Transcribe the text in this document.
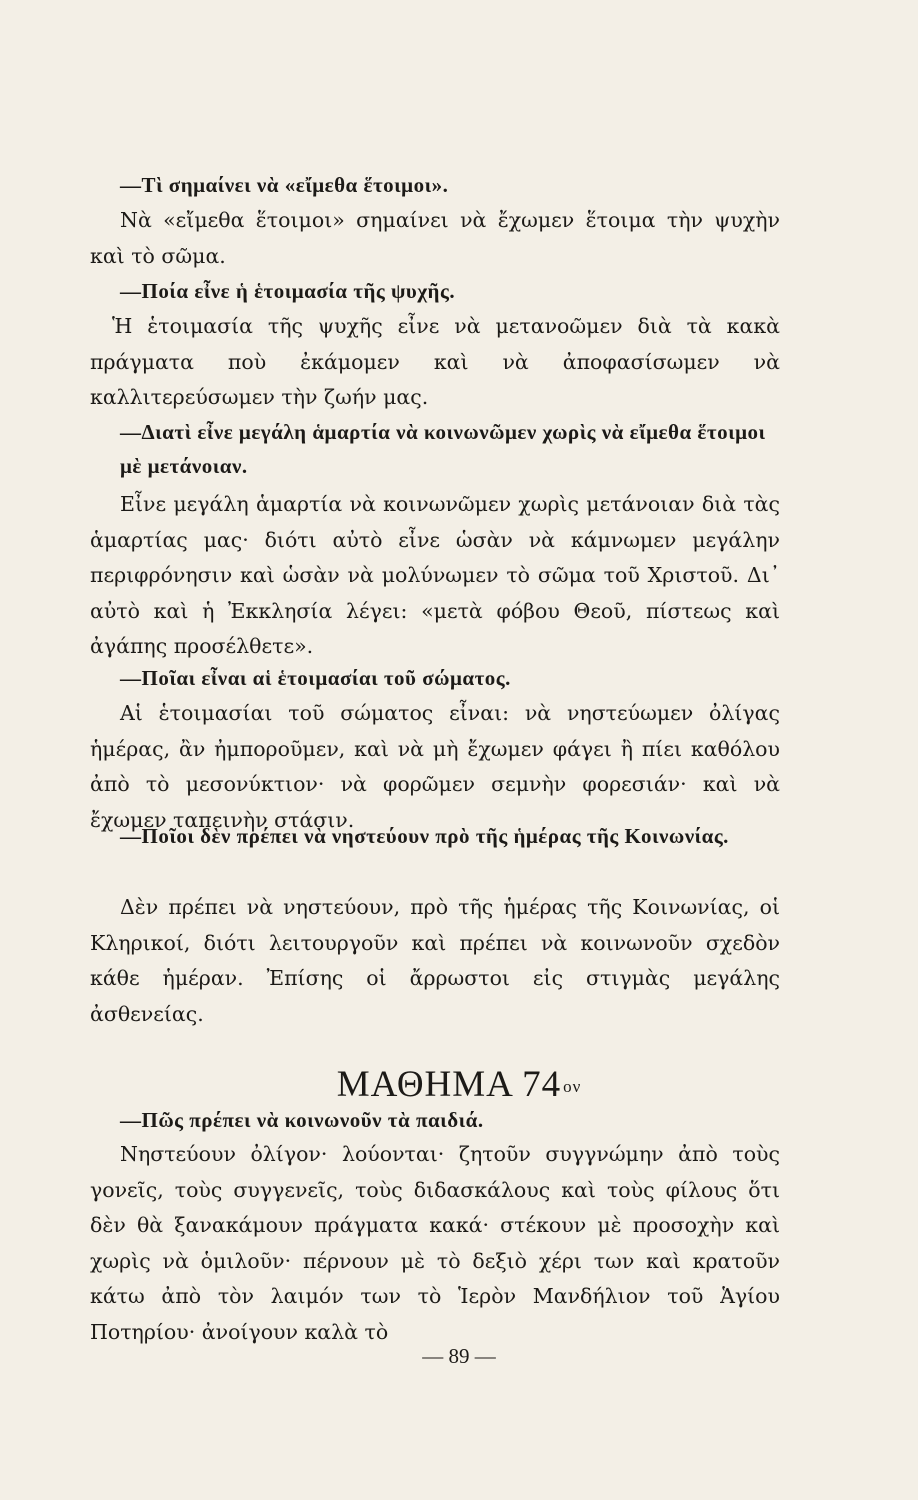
—Τὶ σημαίνει νὰ «εἴμεθα ἕτοιμοι».

Νὰ «εἴμεθα ἕτοιμοι» σημαίνει νὰ ἔχωμεν ἕτοιμα τὴν ψυχὴν καὶ τὸ σῶμα.

—Ποία εἶνε ἡ ἑτοιμασία τῆς ψυχῆς.

Ἡ ἑτοιμασία τῆς ψυχῆς εἶνε νὰ μετανοῶμεν διὰ τὰ κακὰ πράγματα ποὺ ἐκάμομεν καὶ νὰ ἀποφασίσωμεν νὰ καλλιτερεύσωμεν τὴν ζωήν μας.

—Διατὶ εἶνε μεγάλη ἁμαρτία νὰ κοινωνῶμεν χωρὶς νὰ εἴμεθα ἕτοιμοι μὲ μετάνοιαν.

Εἶνε μεγάλη ἁμαρτία νὰ κοινωνῶμεν χωρὶς μετάνοιαν διὰ τὰς ἁμαρτίας μας· διότι αὐτὸ εἶνε ὡσὰν νὰ κάμνωμεν μεγάλην περιφρόνησιν καὶ ὡσὰν νὰ μολύνωμεν τὸ σῶμα τοῦ Χριστοῦ. Δι᾽ αὐτὸ καὶ ἡ Ἐκκλησία λέγει: «μετὰ φόβου Θεοῦ, πίστεως καὶ ἀγάπης προσέλθετε».

—Ποῖαι εἶναι αἱ ἑτοιμασίαι τοῦ σώματος.

Αἱ ἑτοιμασίαι τοῦ σώματος εἶναι: νὰ νηστεύωμεν ὀλίγας ἡμέρας, ἂν ἠμποροῦμεν, καὶ νὰ μὴ ἔχωμεν φάγει ἢ πίει καθόλου ἀπὸ τὸ μεσονύκτιον· νὰ φορῶμεν σεμνὴν φορεσιάν· καὶ νὰ ἔχωμεν ταπεινὴν στάσιν.

—Ποῖοι δὲν πρέπει νὰ νηστεύουν πρὸ τῆς ἡμέρας τῆς Κοινωνίας.

Δὲν πρέπει νὰ νηστεύουν, πρὸ τῆς ἡμέρας τῆς Κοινωνίας, οἱ Κληρικοί, διότι λειτουργοῦν καὶ πρέπει νὰ κοινωνοῦν σχεδὸν κάθε ἡμέραν. Ἐπίσης οἱ ἄρρωστοι εἰς στιγμὰς μεγάλης ἀσθενείας.

ΜΑΘΗΜΑ 74 $^{o\nu}$

—Πῶς πρέπει νὰ κοινωνοῦν τὰ παιδιά.

Νηστεύουν ὀλίγον· λούονται· ζητοῦν συγγνώμην ἀπὸ τοὺς γονεῖς, τοὺς συγγενεῖς, τοὺς διδασκάλους καὶ τοὺς φίλους ὅτι δὲν θὰ ξανακάμουν πράγματα κακά· στέκουν μὲ προσοχὴν καὶ χωρὶς νὰ ὁμιλοῦν· πέρνουν μὲ τὸ δεξιὸ χέρι των καὶ κρατοῦν κάτω ἀπὸ τὸν λαιμόν των τὸ Ἱερὸν Μανδήλιον τοῦ Ἁγίου Ποτηρίου· ἀνοίγουν καλὰ τὸ

— 89 —
